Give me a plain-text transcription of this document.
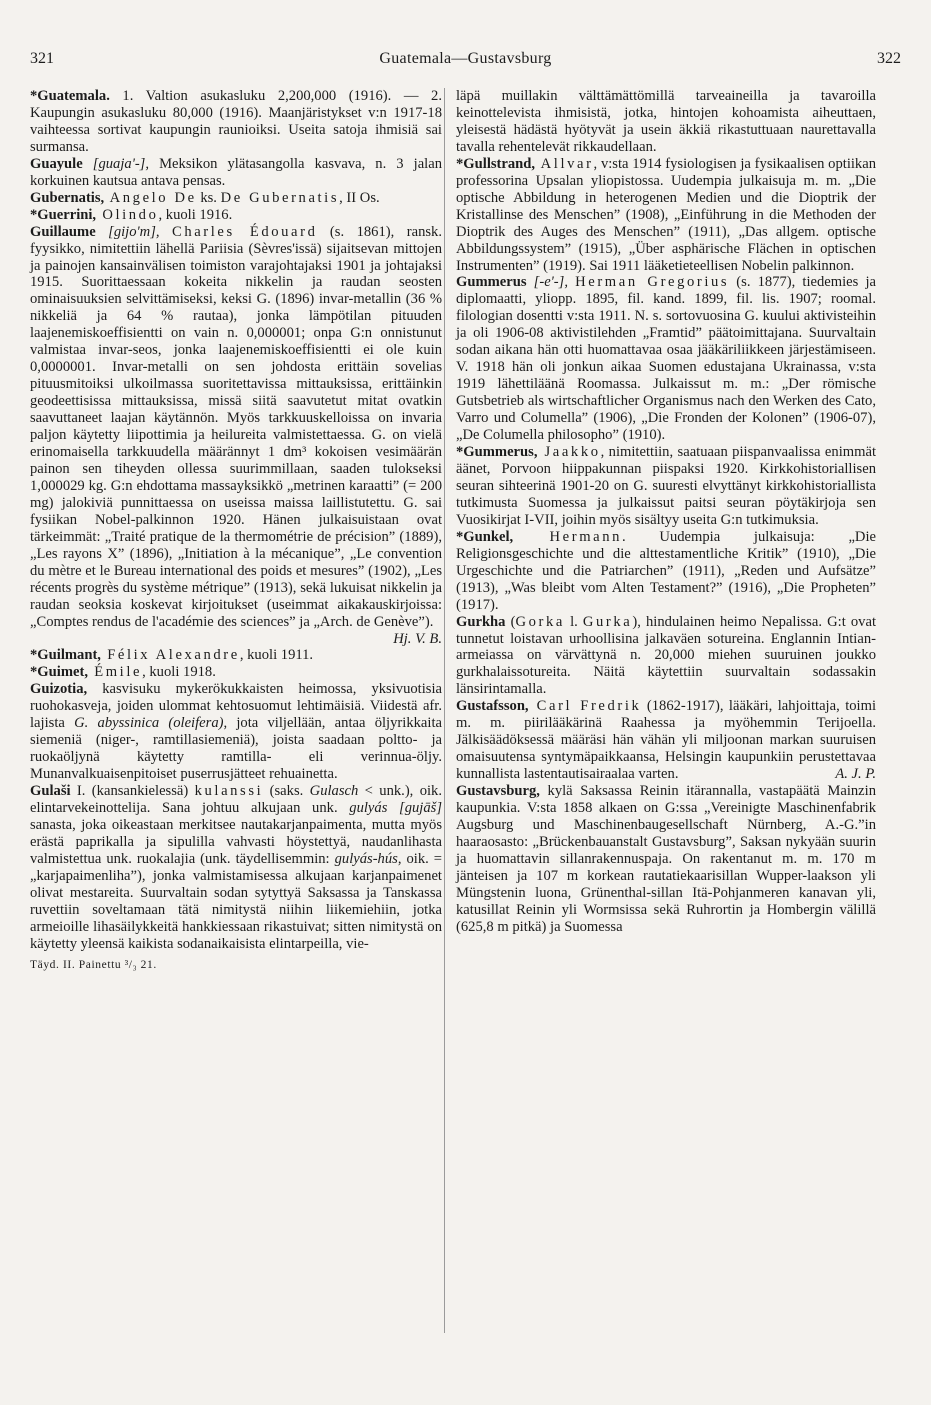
321	Guatemala—Gustavsburg	322

*Guatemala. 1. Valtion asukasluku 2,200,000 (1916). — 2. Kaupungin asukasluku 80,000 (1916). Maanjäristykset v:n 1917-18 vaihteessa sortivat kaupungin raunioiksi. Useita satoja ihmisiä sai surmansa.

Guayule [guaja'-], Meksikon ylätasangolla kasvava, n. 3 jalan korkuinen kautsua antava pensas.

Gubernatis, Angelo De ks. De Gubernatis, II Os.

*Guerrini, Olindo, kuoli 1916.

Guillaume [gijo'm], Charles Édouard (s. 1861), ransk. fyysikko, nimitettiin lähellä Pariisia (Sèvres'issä) sijaitsevan mittojen ja painojen kansainvälisen toimiston varajohtajaksi 1901 ja johtajaksi 1915. Suorittaessaan kokeita nikkelin ja raudan seosten ominaisuuksien selvittämiseksi, keksi G. (1896) invar-metallin (36 % nikkeliä ja 64 % rautaa), jonka lämpötilan pituuden laajenemiskoeffisientti on vain n. 0,000001; onpa G:n onnistunut valmistaa invar-seos, jonka laajenemiskoeffisientti ei ole kuin 0,0000001. Invar-metalli on sen johdosta erittäin sovelias pituusmitoiksi ulkoilmassa suoritettavissa mittauksissa, erittäinkin geodeettisissa mittauksissa, missä siitä saavutetut mitat ovatkin saavuttaneet laajan käytännön. Myös tarkkuuskelloissa on invaria paljon käytetty liipottimia ja heilureita valmistettaessa. G. on vielä erinomaisella tarkkuudella määrännyt 1 dm³ kokoisen vesimäärän painon sen tiheyden ollessa suurimmillaan, saaden tulokseksi 1,000029 kg. G:n ehdottama massayksikkö „metrinen karaatti” (= 200 mg) jalokiviä punnittaessa on useissa maissa laillistutettu. G. sai fysiikan Nobel-palkinnon 1920. Hänen julkaisuistaan ovat tärkeimmät: „Traité pratique de la thermométrie de précision” (1889), „Les rayons X” (1896), „Initiation à la mécanique”, „Le convention du mètre et le Bureau international des poids et mesures” (1902), „Les récents progrès du système métrique” (1913), sekä lukuisat nikkelin ja raudan seoksia koskevat kirjoitukset (useimmat aikakauskirjoissa: „Comptes rendus de l'académie des sciences” ja „Arch. de Genève”).
Hj. V. B.

*Guilmant, Félix Alexandre, kuoli 1911.

*Guimet, Émile, kuoli 1918.

Guizotia, kasvisuku mykerökukkaisten heimossa, yksivuotisia ruohokasveja, joiden ulommat kehtosuomut lehtimäisiä. Viidestä afr. lajista G. abyssinica (oleifera), jota viljellään, antaa öljyrikkaita siemeniä (niger-, ramtillasiemeniä), joista saadaan poltto- ja ruokaöljynä käytetty ramtilla- eli verinnua-öljy. Munanvalkuaisenpitoiset puserrusjätteet rehuainetta.

Gulaši I. (kansankielessä) kulanssi (saks. Gulasch < unk.), oik. elintarvekeinottelija. Sana johtuu alkujaan unk. gulyás [gujāš] sanasta, joka oikeastaan merkitsee nautakarjanpaimenta, mutta myös erästä paprikalla ja sipulilla vahvasti höystettyä, naudanlihasta valmistettua unk. ruokalajia (unk. täydellisemmin: gulyás-hús, oik. = „karjapaimenliha”), jonka valmistamisessa alkujaan karjanpaimenet olivat mestareita. Suurvaltain sodan sytyttyä Saksassa ja Tanskassa ruvettiin soveltamaan tätä nimitystä niihin liikemiehiin, jotka armeioille lihasäilykkeitä hankkiessaan rikastuivat; sitten nimitystä on käytetty yleensä kaikista sodanaikaisista elintarpeilla, vie-

Täyd. II. Painettu ³/₃ 21.

läpä muillakin välttämättömillä tarveaineilla ja tavaroilla keinottelevista ihmisistä, jotka, hintojen kohoamista aiheuttaen, yleisestä hädästä hyötyvät ja usein äkkiä rikastuttuaan naurettavalla tavalla rehentelevät rikkaudellaan.

*Gullstrand, Allvar, v:sta 1914 fysiologisen ja fysikaalisen optiikan professorina Upsalan yliopistossa. Uudempia julkaisuja m. m. „Die optische Abbildung in heterogenen Medien und die Dioptrik der Kristallinse des Menschen” (1908), „Einführung in die Methoden der Dioptrik des Auges des Menschen” (1911), „Das allgem. optische Abbildungssystem” (1915), „Über asphärische Flächen in optischen Instrumenten” (1919). Sai 1911 lääketieteellisen Nobelin palkinnon.

Gummerus [-e'-], Herman Gregorius (s. 1877), tiedemies ja diplomaatti, yliopp. 1895, fil. kand. 1899, fil. lis. 1907; roomal. filologian dosentti v:sta 1911. N. s. sortovuosina G. kuului aktivisteihin ja oli 1906-08 aktivistilehden „Framtid” päätoimittajana. Suurvaltain sodan aikana hän otti huomattavaa osaa jääkäriliikkeen järjestämiseen. V. 1918 hän oli jonkun aikaa Suomen edustajana Ukrainassa, v:sta 1919 lähettiläänä Roomassa. Julkaissut m. m.: „Der römische Gutsbetrieb als wirtschaftlicher Organismus nach den Werken des Cato, Varro und Columella” (1906), „Die Fronden der Kolonen” (1906-07), „De Columella philosopho” (1910).

*Gummerus, Jaakko, nimitettiin, saatuaan piispanvaalissa enimmät äänet, Porvoon hiippakunnan piispaksi 1920. Kirkkohistoriallisen seuran sihteerinä 1901-20 on G. suuresti elvyttänyt kirkkohistoriallista tutkimusta Suomessa ja julkaissut paitsi seuran pöytäkirjoja sen Vuosikirjat I-VII, joihin myös sisältyy useita G:n tutkimuksia.

*Gunkel, Hermann. Uudempia julkaisuja: „Die Religionsgeschichte und die alttestamentliche Kritik” (1910), „Die Urgeschichte und die Patriarchen” (1911), „Reden und Aufsätze” (1913), „Was bleibt vom Alten Testament?” (1916), „Die Propheten” (1917).

Gurkha (Gorka l. Gurka), hindulainen heimo Nepalissa. G:t ovat tunnetut loistavan urhoollisina jalkaväen sotureina. Englannin Intian-armeiassa on värvättynä n. 20,000 miehen suuruinen joukko gurkhalaissotureita. Näitä käytettiin suurvaltain sodassakin länsirintamalla.

Gustafsson, Carl Fredrik (1862-1917), lääkäri, lahjoittaja, toimi m. m. piirilääkärinä Raahessa ja myöhemmin Terijoella. Jälkisäädöksessä määräsi hän vähän yli miljoonan markan suuruisen omaisuutensa syntymäpaikkaansa, Helsingin kaupunkiin perustettavaa kunnallista lastentautisairaalaa varten.	A. J. P.

Gustavsburg, kylä Saksassa Reinin itärannalla, vastapäätä Mainzin kaupunkia. V:sta 1858 alkaen on G:ssa „Vereinigte Maschinenfabrik Augsburg und Maschinenbaugesellschaft Nürnberg, A.-G.”in haaraosasto: „Brückenbauanstalt Gustavsburg”, Saksan nykyään suurin ja huomattavin sillanrakennuspaja. On rakentanut m. m. 170 m jänteisen ja 107 m korkean rautatiekaarisillan Wupper-laakson yli Müngstenin luona, Grünenthal-sillan Itä-Pohjanmeren kanavan yli, katusillat Reinin yli Wormsissa sekä Ruhrortin ja Hombergin välillä (625,8 m pitkä) ja Suomessa
